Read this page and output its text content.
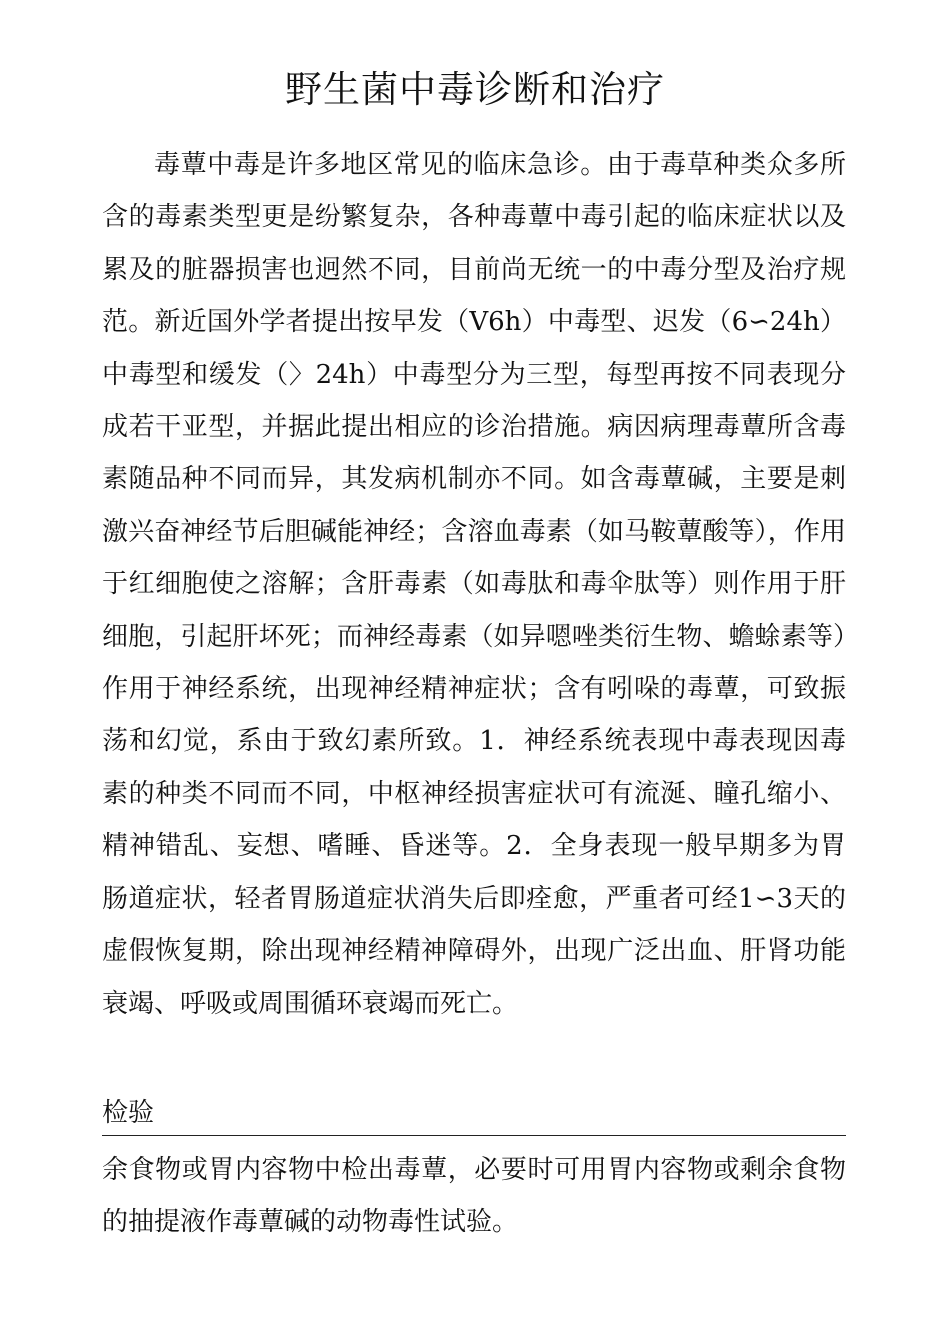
野生菌中毒诊断和治疗

毒蕈中毒是许多地区常见的临床急诊。由于毒草种类众多所含的毒素类型更是纷繁复杂，各种毒蕈中毒引起的临床症状以及累及的脏器损害也迥然不同，目前尚无统一的中毒分型及治疗规范。新近国外学者提出按早发（V6h）中毒型、迟发（6∽24h）中毒型和缓发（〉24h）中毒型分为三型，每型再按不同表现分成若干亚型，并据此提出相应的诊治措施。病因病理毒蕈所含毒素随品种不同而异，其发病机制亦不同。如含毒蕈碱，主要是刺激兴奋神经节后胆碱能神经；含溶血毒素（如马鞍蕈酸等），作用于红细胞使之溶解；含肝毒素（如毒肽和毒伞肽等）则作用于肝细胞，引起肝坏死；而神经毒素（如异嗯唑类衍生物、蟾蜍素等）作用于神经系统，出现神经精神症状；含有吲哚的毒蕈，可致振荡和幻觉，系由于致幻素所致。1．神经系统表现中毒表现因毒素的种类不同而不同，中枢神经损害症状可有流涎、瞳孔缩小、精神错乱、妄想、嗜睡、昏迷等。2．全身表现一般早期多为胃肠道症状，轻者胃肠道症状消失后即痊愈，严重者可经1∽3天的虚假恢复期，除出现神经精神障碍外，出现广泛出血、肝肾功能衰竭、呼吸或周围循环衰竭而死亡。

检验

余食物或胃内容物中检出毒蕈，必要时可用胃内容物或剩余食物的抽提液作毒蕈碱的动物毒性试验。
